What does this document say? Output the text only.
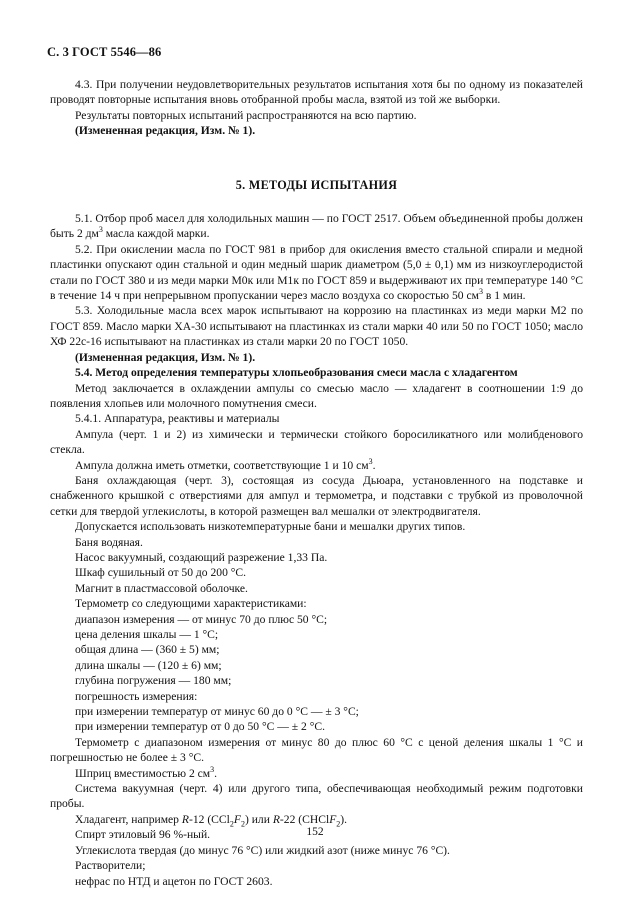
С. 3 ГОСТ 5546—86

4.3. При получении неудовлетворительных результатов испытания хотя бы по одному из показателей проводят повторные испытания вновь отобранной пробы масла, взятой из той же выборки.

Результаты повторных испытаний распространяются на всю партию.

(Измененная редакция, Изм. № 1).

5. МЕТОДЫ ИСПЫТАНИЯ

5.1. Отбор проб масел для холодильных машин — по ГОСТ 2517. Объем объединенной пробы должен быть 2 $дм^3$ масла каждой марки.

5.2. При окислении масла по ГОСТ 981 в прибор для окисления вместо стальной спирали и медной пластинки опускают один стальной и один медный шарик диаметром (5,0 ± 0,1) мм из низкоуглеродистой стали по ГОСТ 380 и из меди марки М0к или М1к по ГОСТ 859 и выдерживают их при температуре 140 °С в течение 14 ч при непрерывном пропускании через масло воздуха со скоростью 50 $см^3$ в 1 мин.

5.3. Холодильные масла всех марок испытывают на коррозию на пластинках из меди марки М2 по ГОСТ 859. Масло марки ХА-30 испытывают на пластинках из стали марки 40 или 50 по ГОСТ 1050; масло ХФ 22с-16 испытывают на пластинках из стали марки 20 по ГОСТ 1050.

(Измененная редакция, Изм. № 1).

5.4. Метод определения температуры хлопьеобразования смеси масла с хладагентом

Метод заключается в охлаждении ампулы со смесью масло — хладагент в соотношении 1:9 до появления хлопьев или молочного помутнения смеси.

5.4.1. Аппаратура, реактивы и материалы

Ампула (черт. 1 и 2) из химически и термически стойкого боросиликатного или молибденового стекла.

Ампула должна иметь отметки, соответствующие 1 и 10 $см^3$.

Баня охлаждающая (черт. 3), состоящая из сосуда Дьюара, установленного на подставке и снабженного крышкой с отверстиями для ампул и термометра, и подставки с трубкой из проволочной сетки для твердой углекислоты, в которой размещен вал мешалки от электродвигателя.

Допускается использовать низкотемпературные бани и мешалки других типов.

Баня водяная.

Насос вакуумный, создающий разрежение 1,33 Па.

Шкаф сушильный от 50 до 200 °С.

Магнит в пластмассовой оболочке.

Термометр со следующими характеристиками:

диапазон измерения — от минус 70 до плюс 50 °С;

цена деления шкалы — 1 °С;

общая длина — (360 ± 5) мм;

длина шкалы — (120 ± 6) мм;

глубина погружения — 180 мм;

погрешность измерения:

при измерении температур от минус 60 до 0 °С — ± 3 °С;

при измерении температур от 0 до 50 °С — ± 2 °С.

Термометр с диапазоном измерения от минус 80 до плюс 60 °С с ценой деления шкалы 1 °С и погрешностью не более ± 3 °С.

Шприц вместимостью 2 $см^3$.

Система вакуумная (черт. 4) или другого типа, обеспечивающая необходимый режим подготовки пробы.

Хладагент, например R-12 $(CCl_2F_2)$ или R-22 (CHClF$_2$).

Спирт этиловый 96 %-ный.

Углекислота твердая (до минус 76 °С) или жидкий азот (ниже минус 76 °С).

Растворители;

нефрас по НТД и ацетон по ГОСТ 2603.

152
